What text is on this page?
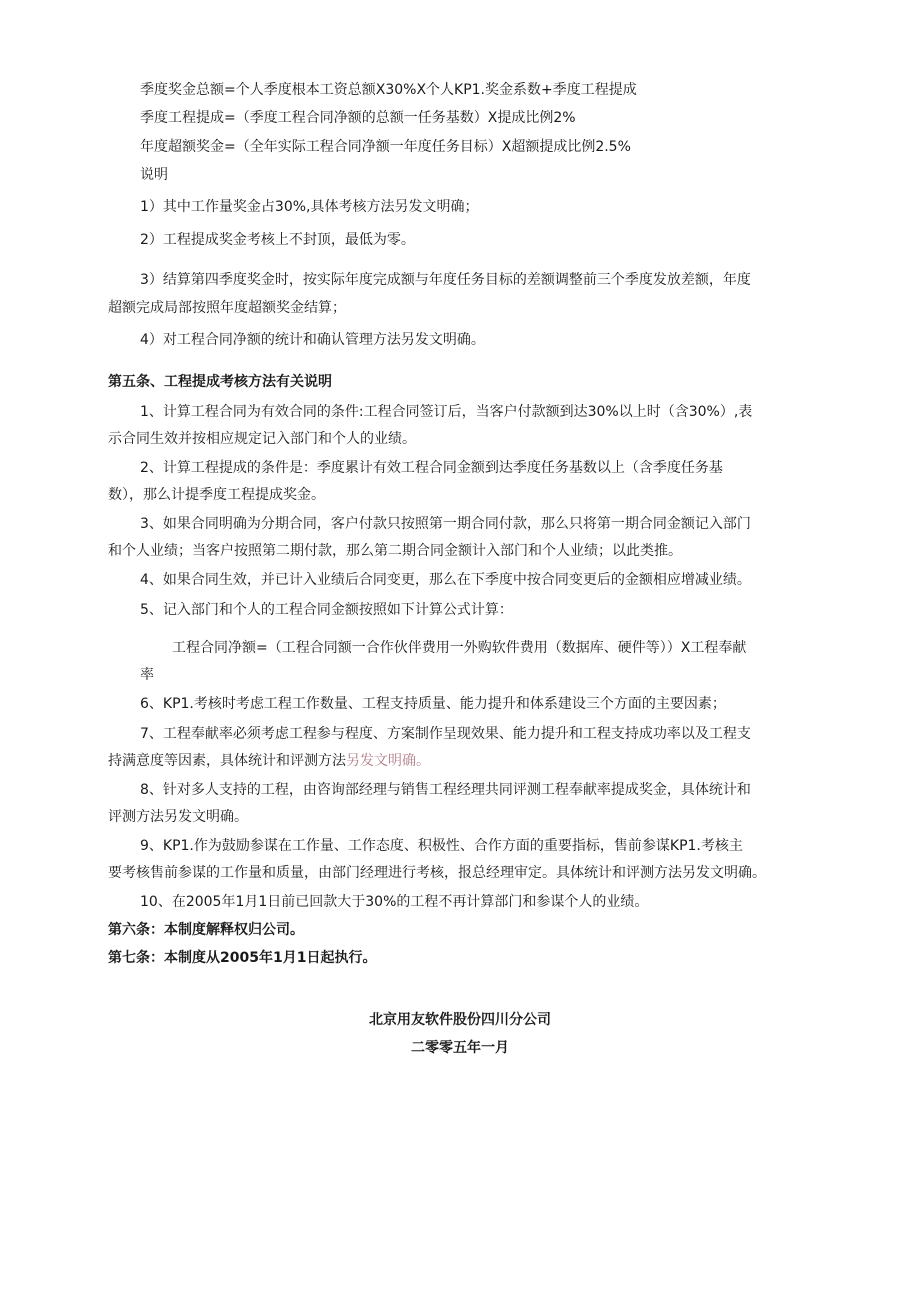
季度奖金总额=个人季度根本工资总额X30%X个人KP1.奖金系数+季度工程提成
季度工程提成=（季度工程合同净额的总额一任务基数）X提成比例2%
年度超额奖金=（全年实际工程合同净额一年度任务目标）X超额提成比例2.5%
说明
1）其中工作量奖金占30%,具体考核方法另发文明确；
2）工程提成奖金考核上不封顶，最低为零。
3）结算第四季度奖金时，按实际年度完成额与年度任务目标的差额调整前三个季度发放差额，年度
超额完成局部按照年度超额奖金结算；
4）对工程合同净额的统计和确认管理方法另发文明确。
第五条、工程提成考核方法有关说明
1、计算工程合同为有效合同的条件:工程合同签订后，当客户付款额到达30%以上时（含30%）,表
示合同生效并按相应规定记入部门和个人的业绩。
2、计算工程提成的条件是：季度累计有效工程合同金额到达季度任务基数以上（含季度任务基
数），那么计提季度工程提成奖金。
3、如果合同明确为分期合同，客户付款只按照第一期合同付款，那么只将第一期合同金额记入部门
和个人业绩；当客户按照第二期付款，那么第二期合同金额计入部门和个人业绩；以此类推。
4、如果合同生效，并已计入业绩后合同变更，那么在下季度中按合同变更后的金额相应增减业绩。
5、记入部门和个人的工程合同金额按照如下计算公式计算：
工程合同净额=（工程合同额一合作伙伴费用一外购软件费用（数据库、硬件等））X工程奉献
率
6、KP1.考核时考虑工程工作数量、工程支持质量、能力提升和体系建设三个方面的主要因素；
7、工程奉献率必须考虑工程参与程度、方案制作呈现效果、能力提升和工程支持成功率以及工程支
持满意度等因素，具体统计和评测方法另发文明确。
8、针对多人支持的工程，由咨询部经理与销售工程经理共同评测工程奉献率提成奖金，具体统计和
评测方法另发文明确。
9、KP1.作为鼓励参谋在工作量、工作态度、积极性、合作方面的重要指标，售前参谋KP1.考核主
要考核售前参谋的工作量和质量，由部门经理进行考核，报总经理审定。具体统计和评测方法另发文明确。
10、在2005年1月1日前已回款大于30%的工程不再计算部门和参谋个人的业绩。
第六条：本制度解释权归公司。
第七条：本制度从2005年1月1日起执行。
北京用友软件股份四川分公司
二零零五年一月
